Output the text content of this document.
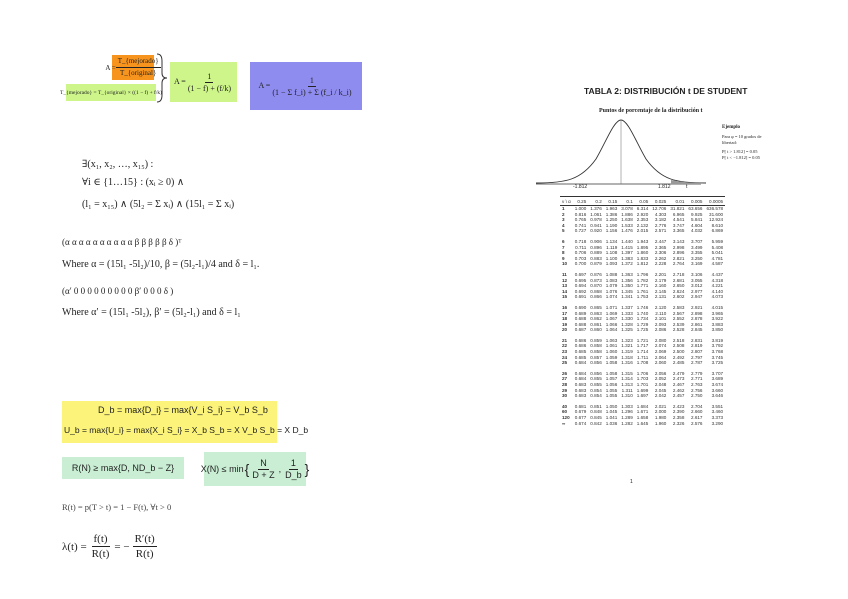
$A = \frac{\text{T\_\{mejorado\}}}{\text{T\_\{original\}}}$
T_{mejorado} = T_{original} × ((1 − f) + f/k)
$A = \frac{1}{(1 - f) + (f/k)}$	$A = \frac{1}{\text{(1 − Σ f\_i) + Σ (f\_i / k\_i)}}$
∃(x₁, x₂, …, x₁₅) :
∀i ∈ {1…15} : (xᵢ ≥ 0) ∧
(l₁ = x₁₅) ∧ (5l₂ = Σ xᵢ) ∧ (15l₁ = Σ xᵢ)
(α α α α α α α α α α β β β β β δ )ᵀ
Where α = (15l₁ -5l₂)/10, β = (5l₂-l₁)/4 and δ = l₁.
(α′ 0 0 0 0 0 0 0 0 0 β′ 0 0 0 δ )
Where α′ = (15l₁ -5l₂), β′ = (5l₂-l₁) and δ = l₁
D_b = max{D_i} = max{V_i S_i} = V_b S_b
U_b = max{U_i} = max{X_i S_i} = X_b S_b = X V_b S_b = X D_b
R(N) ≥ max{D, ND_b − Z}	X(N) ≤ min { $\frac{N}{D + Z}$ , $\frac{1}{D\_b}$ }
R(t) = p(T > t) = 1 − F(t), ∀t > 0
$\lambda(t) = \frac{f(t)}{R(t)}$ = − $\frac{R'(t)}{R(t)}$
TABLA 2: DISTRIBUCIÓN t DE STUDENT
Puntos de porcentaje de la distribución t
-1.812	1.812	t
Ejemplo
Para φ = 10 grados de
libertad:
P[ t > 1.812] = 0.05
P[ t < −1.812] = 0.05
ν \ α	0.25	0.2	0.15	0.1	0.05	0.025	0.01	0.005	0.0005
1	1.000	1.376	1.963	3.078	6.314	12.706	31.821	63.656	636.578
2	0.816	1.061	1.386	1.886	2.920	4.303	6.965	9.925	31.600
3	0.765	0.978	1.250	1.638	2.353	3.182	4.541	5.841	12.924
4	0.741	0.941	1.190	1.533	2.132	2.776	3.747	4.604	8.610
5	0.727	0.920	1.156	1.476	2.015	2.571	3.365	4.032	6.869

6	0.718	0.906	1.134	1.440	1.943	2.447	3.143	3.707	5.959
7	0.711	0.896	1.119	1.415	1.895	2.365	2.998	3.499	5.408
8	0.706	0.889	1.108	1.397	1.860	2.306	2.896	3.355	5.041
9	0.703	0.883	1.100	1.383	1.833	2.262	2.821	3.250	4.781
10	0.700	0.879	1.093	1.372	1.812	2.228	2.764	3.169	4.587

11	0.697	0.876	1.088	1.363	1.796	2.201	2.718	3.106	4.437
12	0.695	0.873	1.083	1.356	1.782	2.179	2.681	3.055	4.318
13	0.694	0.870	1.079	1.350	1.771	2.160	2.650	3.012	4.221
14	0.692	0.868	1.076	1.345	1.761	2.145	2.624	2.977	4.140
15	0.691	0.866	1.074	1.341	1.753	2.131	2.602	2.947	4.073

16	0.690	0.865	1.071	1.337	1.746	2.120	2.583	2.921	4.015
17	0.689	0.863	1.069	1.333	1.740	2.110	2.567	2.898	3.965
18	0.688	0.862	1.067	1.330	1.734	2.101	2.552	2.878	3.922
19	0.688	0.861	1.066	1.328	1.729	2.093	2.539	2.861	3.883
20	0.687	0.860	1.064	1.325	1.725	2.086	2.528	2.845	3.850

21	0.686	0.859	1.063	1.323	1.721	2.080	2.518	2.831	3.819
22	0.686	0.858	1.061	1.321	1.717	2.074	2.508	2.819	3.792
23	0.685	0.858	1.060	1.319	1.714	2.069	2.500	2.807	3.768
24	0.685	0.857	1.059	1.318	1.711	2.064	2.492	2.797	3.745
25	0.684	0.856	1.058	1.316	1.708	2.060	2.485	2.787	3.725

26	0.684	0.856	1.058	1.315	1.706	2.056	2.479	2.779	3.707
27	0.684	0.855	1.057	1.314	1.703	2.052	2.473	2.771	3.689
28	0.683	0.855	1.056	1.313	1.701	2.048	2.467	2.763	3.674
29	0.683	0.854	1.055	1.311	1.699	2.045	2.462	2.756	3.660
30	0.683	0.854	1.055	1.310	1.697	2.042	2.457	2.750	3.646

40	0.681	0.851	1.050	1.303	1.684	2.021	2.423	2.704	3.551
60	0.679	0.848	1.045	1.296	1.671	2.000	2.390	2.660	3.460
120	0.677	0.845	1.041	1.289	1.658	1.980	2.358	2.617	3.373
∞	0.674	0.842	1.036	1.282	1.645	1.960	2.326	2.576	3.290
1
